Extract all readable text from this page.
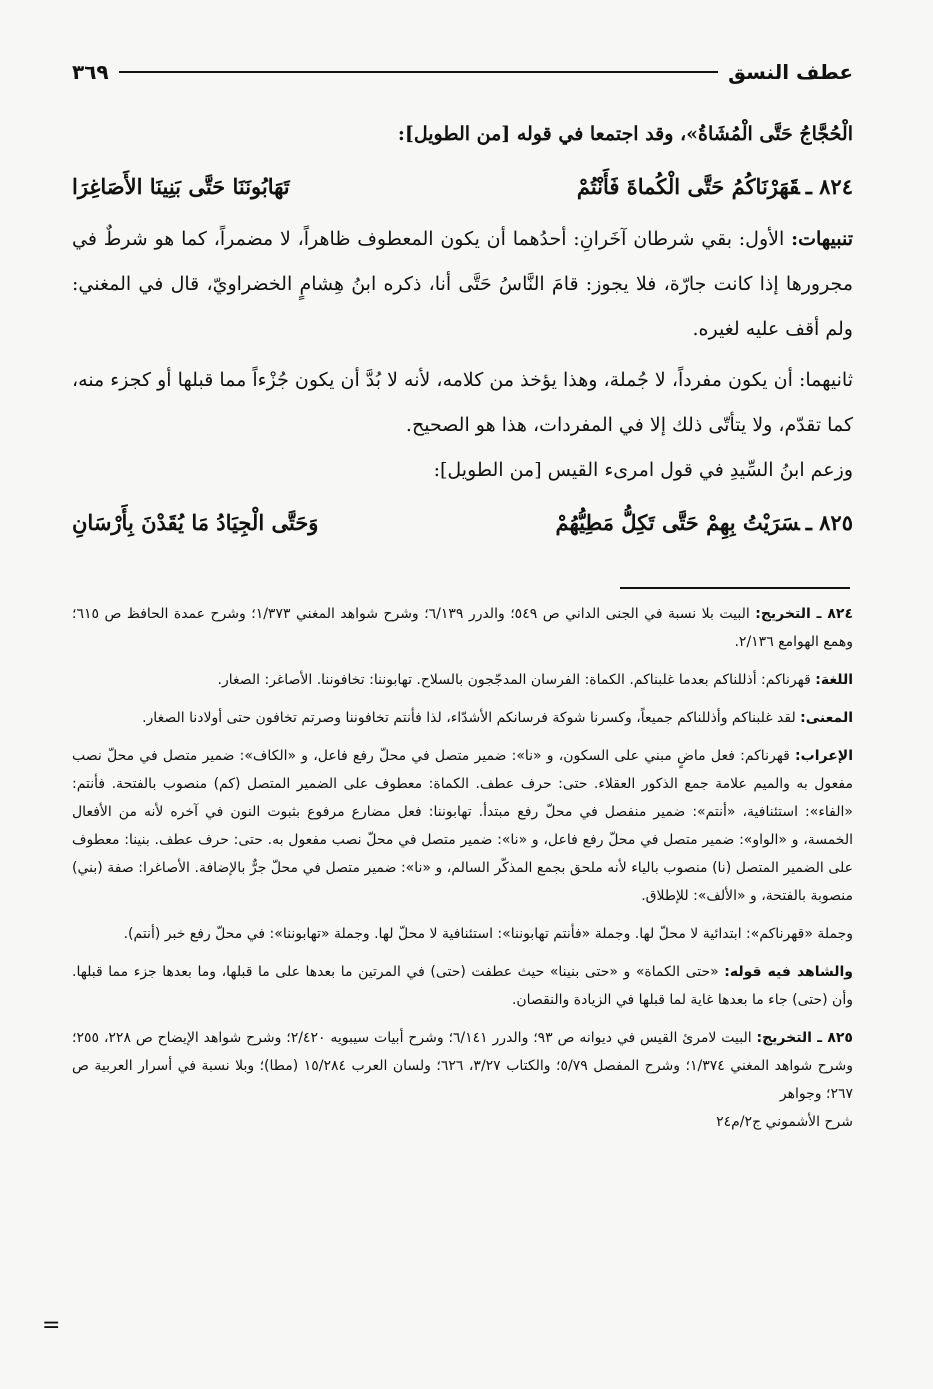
عطف النسق
٣٦٩

الْحُجَّاجُ حَتَّى الْمُشَاةُ»، وقد اجتمعا في قوله [من الطويل]:

٨٢٤ ـقَهَرْنَاكُمُ حَتَّى الْكُماةَ فَأَنْتُمْ
تَهَابُونَنَا حَتَّى بَنِينَا الأَصَاغِرَا

تنبيهات: الأول: بقي شرطان آخَرانِ: أحدُهما أن يكون المعطوف ظاهراً، لا مضمراً، كما هو شرطٌ في مجرورها إذا كانت جارّة، فلا يجوز: قامَ النَّاسُ حَتَّى أنا، ذكره ابنُ هِشامٍ الخضراويّ، قال في المغني: ولم أقف عليه لغيره.

ثانيهما: أن يكون مفرداً، لا جُملة، وهذا يؤخذ من كلامه، لأنه لا بُدَّ أن يكون جُزْءاً مما قبلها أو كجزء منه، كما تقدّم، ولا يتأتّى ذلك إلا في المفردات، هذا هو الصحيح.

وزعم ابنُ السِّيدِ في قول امرىء القيس [من الطويل]:

٨٢٥ ـسَرَيْتُ بِهِمْ حَتَّى تَكِلُّ مَطِيُّهُمْ
وَحَتَّى الْجِيَادُ مَا يُقَدْنَ بِأَرْسَانِ

٨٢٤ ـ التخريج: البيت بلا نسبة في الجنى الداني ص ٥٤٩؛ والدرر ٦/١٣٩؛ وشرح شواهد المغني ١/٣٧٣؛ وشرح عمدة الحافظ ص ٦١٥؛ وهمع الهوامع ٢/١٣٦.

اللغة: قهرناكم: أذللناكم بعدما غلبناكم. الكماة: الفرسان المدجّجون بالسلاح. تهابوننا: تخافوننا. الأصاغر: الصغار.

المعنى: لقد غلبناكم وأذللناكم جميعاً، وكسرنا شوكة فرسانكم الأشدّاء، لذا فأنتم تخافوننا وصرتم تخافون حتى أولادنا الصغار.

الإعراب: قهرناكم: فعل ماضٍ مبني على السكون، و «نا»: ضمير متصل في محلّ رفع فاعل، و «الكاف»: ضمير متصل في محلّ نصب مفعول به والميم علامة جمع الذكور العقلاء. حتى: حرف عطف. الكماة: معطوف على الضمير المتصل (كم) منصوب بالفتحة. فأنتم: «الفاء»: استئنافية، «أنتم»: ضمير منفصل في محلّ رفع مبتدأ. تهابوننا: فعل مضارع مرفوع بثبوت النون في آخره لأنه من الأفعال الخمسة، و «الواو»: ضمير متصل في محلّ رفع فاعل، و «نا»: ضمير متصل في محلّ نصب مفعول به. حتى: حرف عطف. بنينا: معطوف على الضمير المتصل (نا) منصوب بالياء لأنه ملحق بجمع المذكّر السالم، و «نا»: ضمير متصل في محلّ جرٌّ بالإضافة. الأصاغرا: صفة (بني) منصوبة بالفتحة، و «الألف»: للإطلاق.

وجملة «قهرناكم»: ابتدائية لا محلّ لها. وجملة «فأنتم تهابوننا»: استئنافية لا محلّ لها. وجملة «تهابوننا»: في محلّ رفع خبر (أنتم).

والشاهد فيه قوله: «حتى الكماة» و «حتى بنينا» حيث عطفت (حتى) في المرتين ما بعدها على ما قبلها، وما بعدها جزء مما قبلها. وأن (حتى) جاء ما بعدها غاية لما قبلها في الزيادة والنقصان.

٨٢٥ ـ التخريج: البيت لامرئ القيس في ديوانه ص ٩٣؛ والدرر ٦/١٤١؛ وشرح أبيات سيبويه ٢/٤٢٠؛ وشرح شواهد الإيضاح ص ٢٢٨، ٢٥٥؛ وشرح شواهد المغني ١/٣٧٤؛ وشرح المفصل ٥/٧٩؛ والكتاب ٣/٢٧، ٦٢٦؛ ولسان العرب ١٥/٢٨٤ (مطا)؛ وبلا نسبة في أسرار العربية ص ٢٦٧؛ وجواهر

شرح الأشموني ج٢/م٢٤

=
